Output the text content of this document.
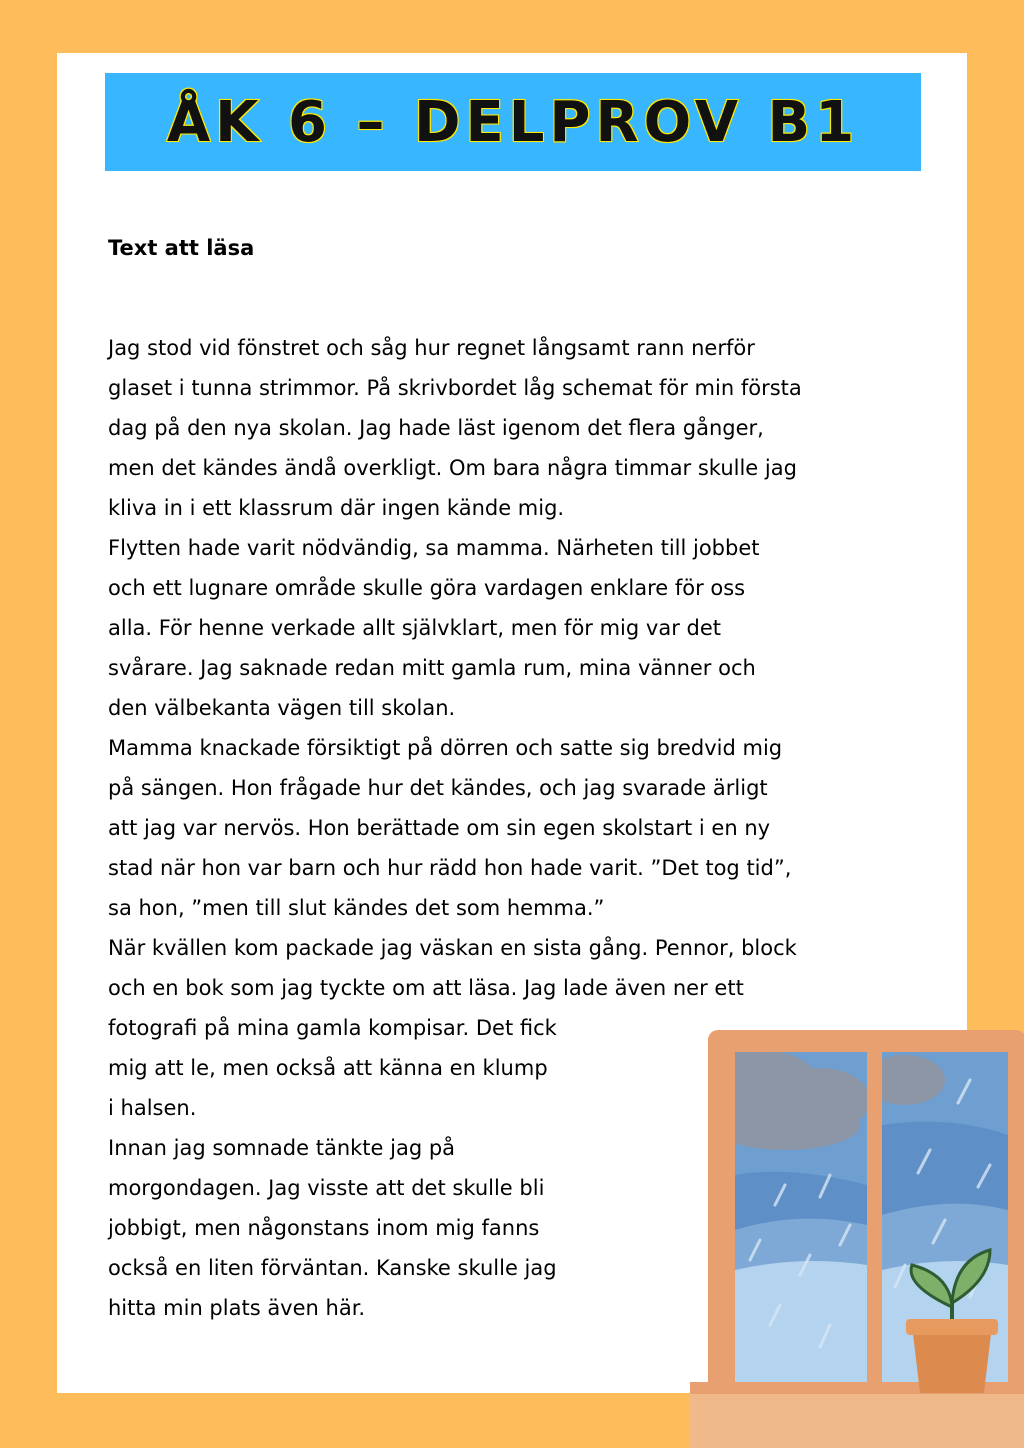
ÅK 6 – DELPROV B1
Text att läsa
Jag stod vid fönstret och såg hur regnet långsamt rann nerför
glaset i tunna strimmor. På skrivbordet låg schemat för min första
dag på den nya skolan. Jag hade läst igenom det flera gånger,
men det kändes ändå overkligt. Om bara några timmar skulle jag
kliva in i ett klassrum där ingen kände mig.
Flytten hade varit nödvändig, sa mamma. Närheten till jobbet
och ett lugnare område skulle göra vardagen enklare för oss
alla. För henne verkade allt självklart, men för mig var det
svårare. Jag saknade redan mitt gamla rum, mina vänner och
den välbekanta vägen till skolan.
Mamma knackade försiktigt på dörren och satte sig bredvid mig
på sängen. Hon frågade hur det kändes, och jag svarade ärligt
att jag var nervös. Hon berättade om sin egen skolstart i en ny
stad när hon var barn och hur rädd hon hade varit. ”Det tog tid”,
sa hon, ”men till slut kändes det som hemma.”
När kvällen kom packade jag väskan en sista gång. Pennor, block
och en bok som jag tyckte om att läsa. Jag lade även ner ett
fotografi på mina gamla kompisar. Det fick
mig att le, men också att känna en klump
i halsen.
Innan jag somnade tänkte jag på
morgondagen. Jag visste att det skulle bli
jobbigt, men någonstans inom mig fanns
också en liten förväntan. Kanske skulle jag
hitta min plats även här.
